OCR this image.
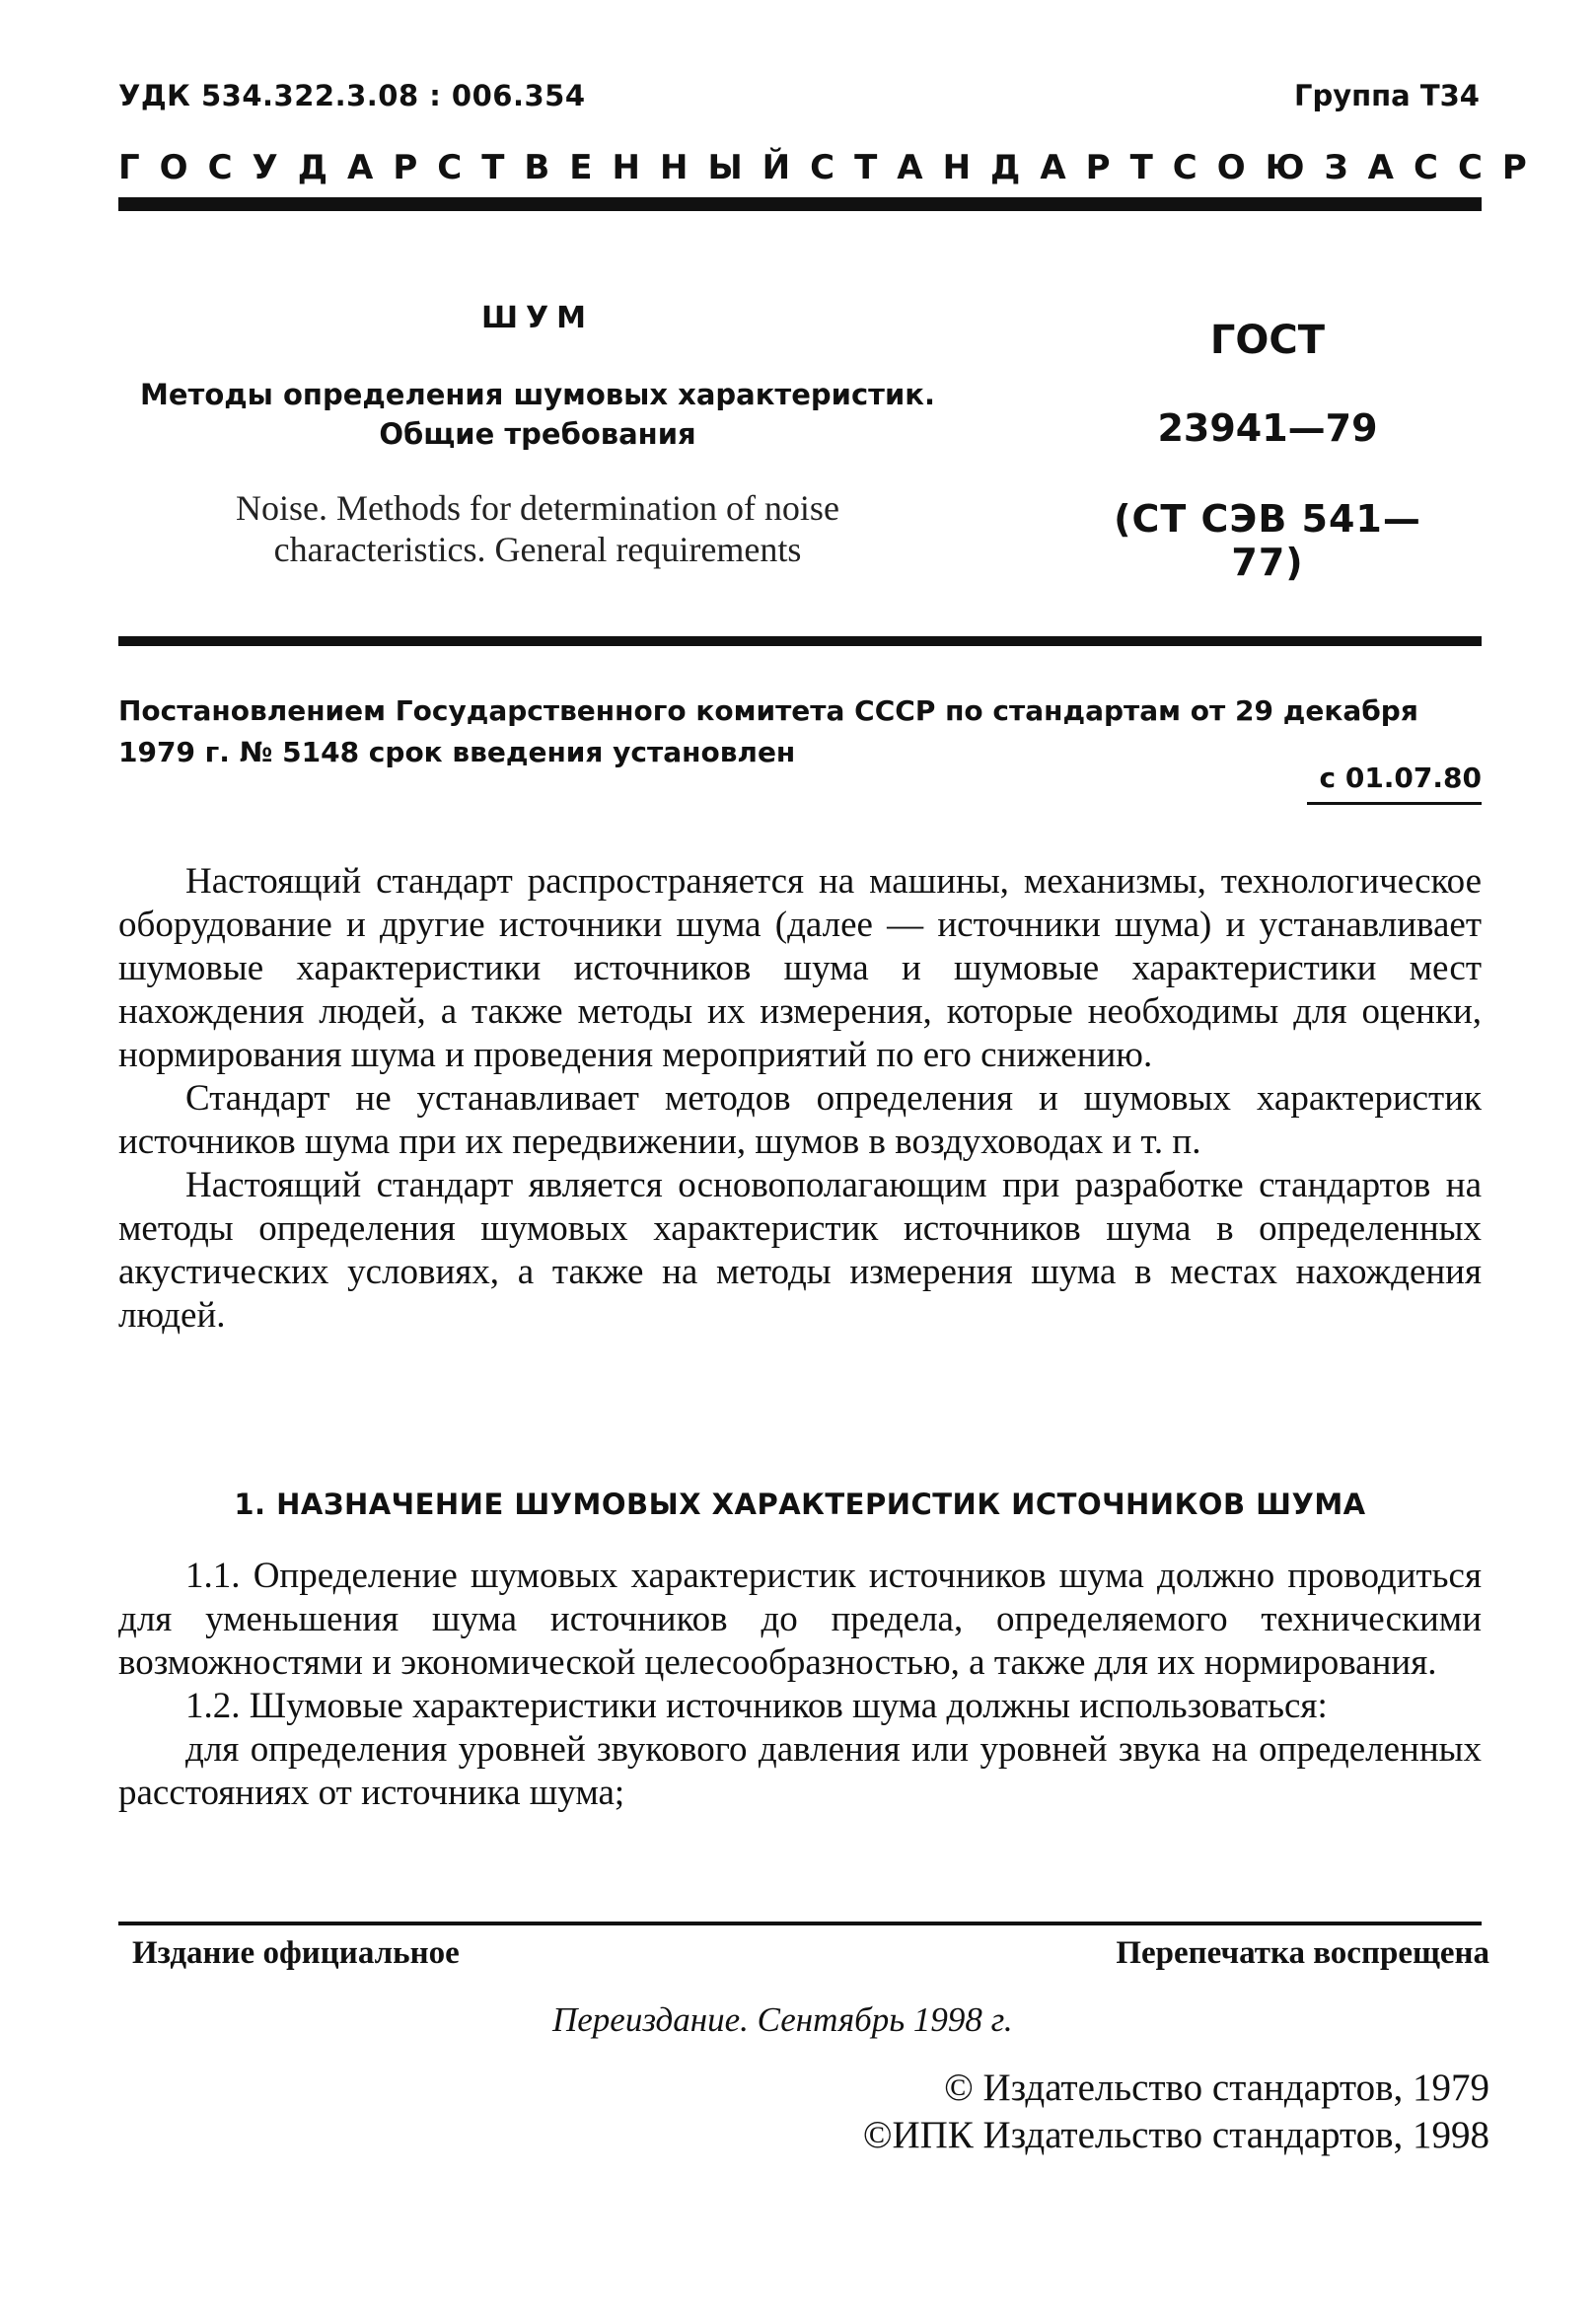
УДК 534.322.3.08 : 006.354	Группа Т34
ГОСУДАРСТВЕННЫЙ СТАНДАРТ СОЮЗА ССР
ШУМ
Методы определения шумовых характеристик.
Общие требования
Noise. Methods for determination of noise
characteristics. General requirements
ГОСТ
23941—79
(СТ СЭВ 541—77)
Постановлением Государственного комитета СССР по стандартам от 29 декабря
1979 г. № 5148 срок введения установлен
с 01.07.80

Настоящий стандарт распространяется на машины, механизмы, технологическое оборудование и другие источники шума (далее — источники шума) и устанавливает шумовые характеристики источников шума и шумовые характеристики мест нахождения людей, а также методы их измерения, которые необходимы для оценки, нормирования шума и проведения мероприятий по его снижению.

Стандарт не устанавливает методов определения и шумовых характеристик источников шума при их передвижении, шумов в воздуховодах и т. п.

Настоящий стандарт является основополагающим при разработке стандартов на методы определения шумовых характеристик источников шума в определенных акустических условиях, а также на методы измерения шума в местах нахождения людей.

1. НАЗНАЧЕНИЕ ШУМОВЫХ ХАРАКТЕРИСТИК ИСТОЧНИКОВ ШУМА

1.1. Определение шумовых характеристик источников шума должно проводиться для уменьшения шума источников до предела, определяемого техническими возможностями и экономической целесообразностью, а также для их нормирования.

1.2. Шумовые характеристики источников шума должны использоваться:

для определения уровней звукового давления или уровней звука на определенных расстояниях от источника шума;

Издание официальное	Перепечатка воспрещена
Переиздание. Сентябрь 1998 г.
© Издательство стандартов, 1979
©ИПК Издательство стандартов, 1998
